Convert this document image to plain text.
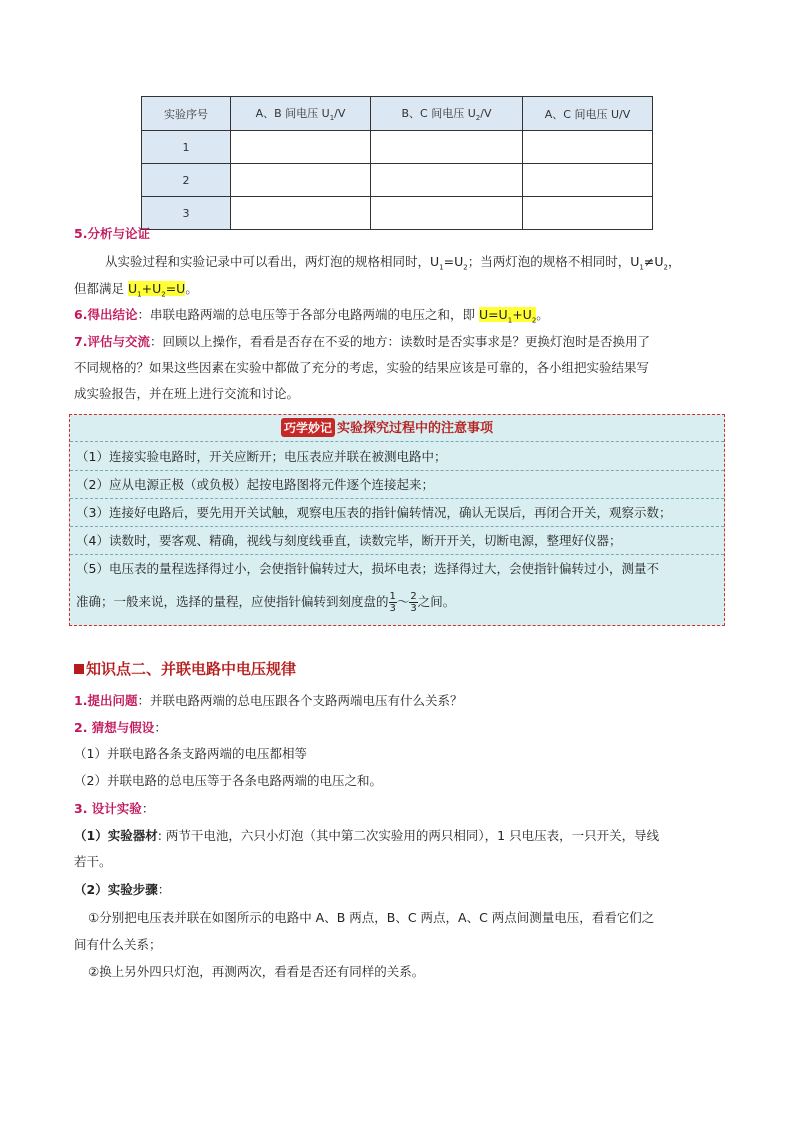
实验序号	A、B 间电压 $U_1/V$	B、C 间电压 $U_2/V$	A、C 间电压 U/V
1			
2			
3			
5.分析与论证
从实验过程和实验记录中可以看出，两灯泡的规格相同时，$U_1=U_2$；当两灯泡的规格不相同时，$U_1\ne U_2$，
但都满足 $U_1+U_2=U$。
6.得出结论：串联电路两端的总电压等于各部分电路两端的电压之和，即 $U=U_1+U_2$。
7.评估与交流：回顾以上操作，看看是否存在不妥的地方：读数时是否实事求是？更换灯泡时是否换用了
不同规格的？如果这些因素在实验中都做了充分的考虑，实验的结果应该是可靠的，各小组把实验结果写
成实验报告，并在班上进行交流和讨论。
巧学妙记 实验探究过程中的注意事项
（1）连接实验电路时，开关应断开；电压表应并联在被测电路中；
（2）应从电源正极（或负极）起按电路图将元件逐个连接起来；
（3）连接好电路后，要先用开关试触，观察电压表的指针偏转情况，确认无误后，再闭合开关，观察示数；
（4）读数时，要客观、精确，视线与刻度线垂直，读数完毕，断开开关，切断电源，整理好仪器；
（5）电压表的量程选择得过小，会使指针偏转过大，损坏电表；选择得过大，会使指针偏转过小，测量不
准确；一般来说，选择的量程，应使指针偏转到刻度盘的 $\frac{1}{3}$ ～ $\frac{2}{3}$ 之间。
知识点二、并联电路中电压规律
1.提出问题：并联电路两端的总电压跟各个支路两端电压有什么关系？
2. 猜想与假设：
（1）并联电路各条支路两端的电压都相等
（2）并联电路的总电压等于各条电路两端的电压之和。
3. 设计实验：
（1）实验器材: 两节干电池，六只小灯泡（其中第二次实验用的两只相同），1 只电压表，一只开关，导线
若干。
（2）实验步骤：
①分别把电压表并联在如图所示的电路中 A、B 两点，B、C 两点，A、C 两点间测量电压，看看它们之
间有什么关系；
②换上另外四只灯泡，再测两次，看看是否还有同样的关系。
